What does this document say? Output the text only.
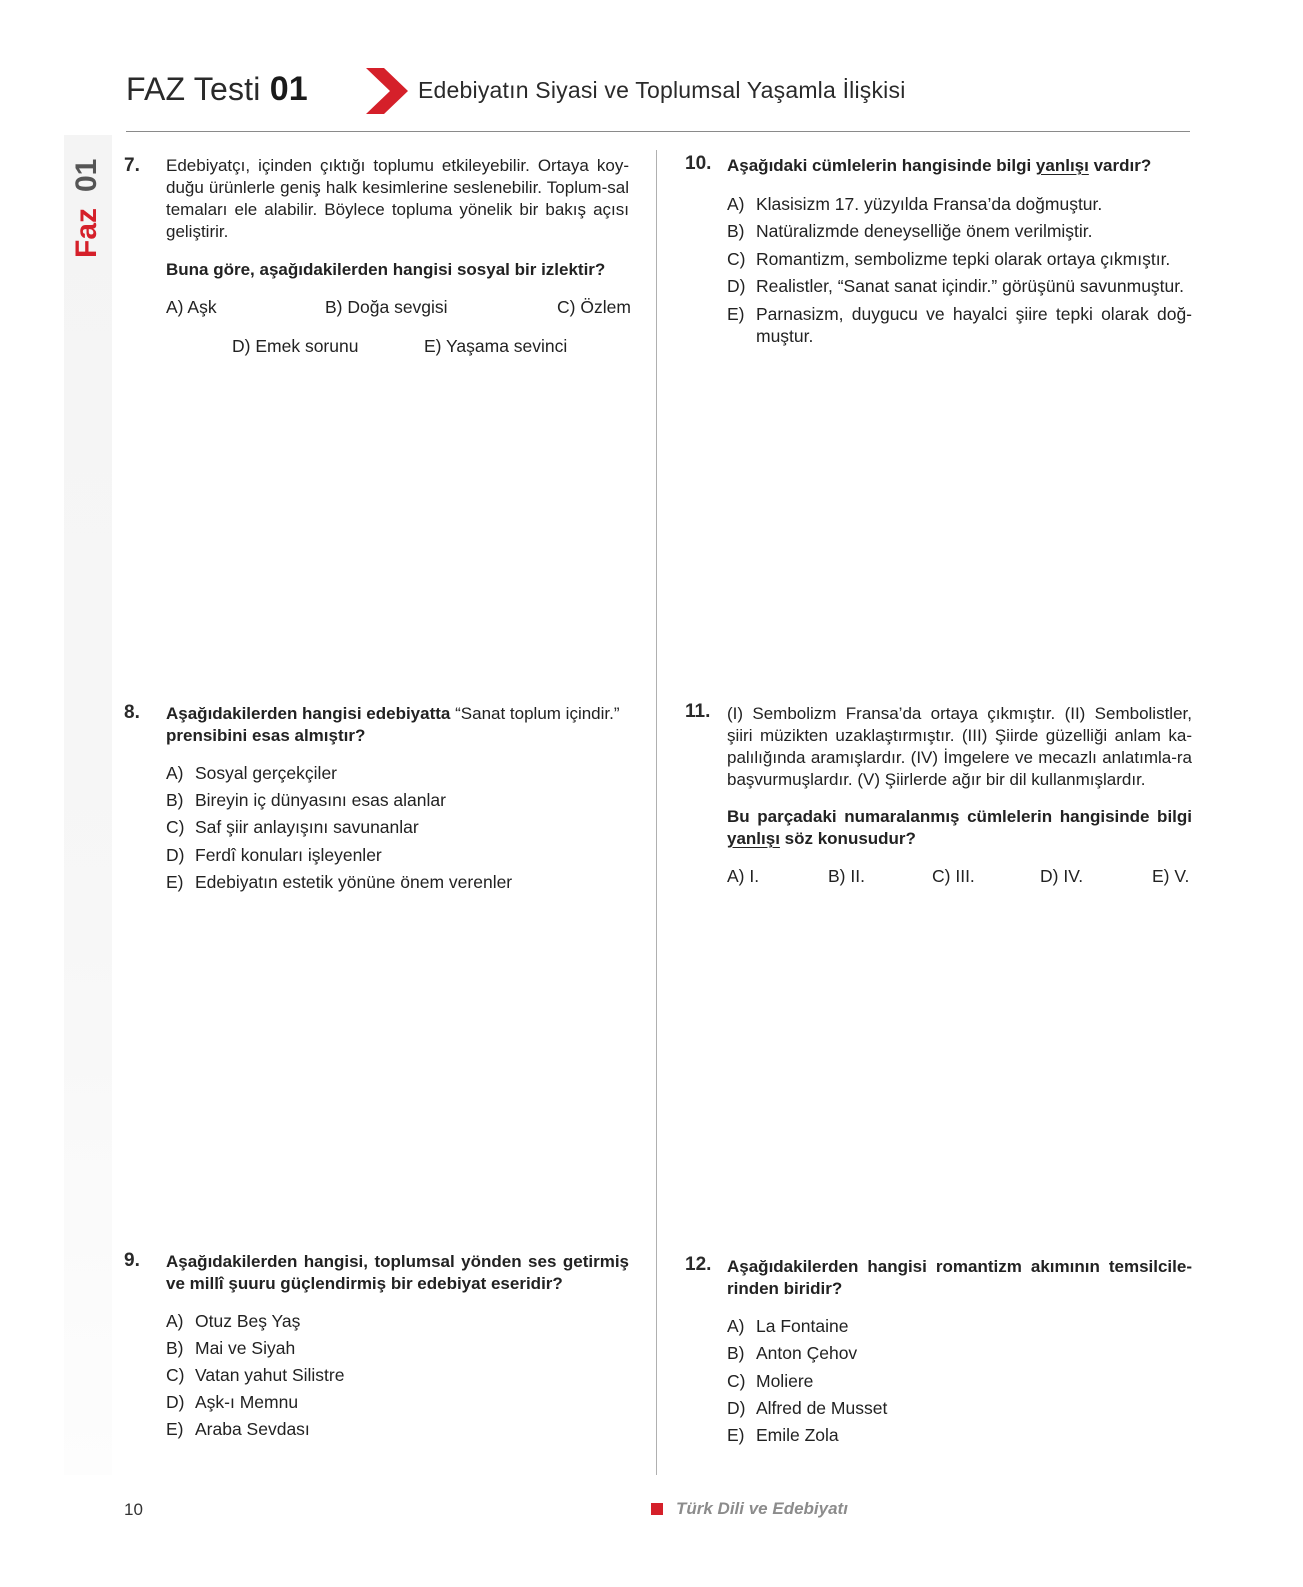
FAZ Testi 01	Edebiyatın Siyasi ve Toplumsal Yaşamla İlişkisi
Faz
01 7. Edebiyatçı, içinden çıktığı toplumu etkileyebilir. Ortaya koy-duğu ürünlerle geniş halk kesimlerine seslenebilir. Toplum-sal temaları ele alabilir. Böylece topluma yönelik bir bakış açısı geliştirir.
Buna göre, aşağıdakilerden hangisi sosyal bir izlektir?
A) Aşk	B) Doğa sevgisi	C) Özlem
D) Emek sorunu	E) Yaşama sevinci
8. Aşağıdakilerden hangisi edebiyatta “Sanat toplum içindir.” prensibini esas almıştır?
A) Sosyal gerçekçiler
B) Bireyin iç dünyasını esas alanlar
C) Saf şiir anlayışını savunanlar
D) Ferdî konuları işleyenler
E) Edebiyatın estetik yönüne önem verenler
9. Aşağıdakilerden hangisi, toplumsal yönden ses getirmiş ve millî şuuru güçlendirmiş bir edebiyat eseridir?
A) Otuz Beş Yaş
B) Mai ve Siyah
C) Vatan yahut Silistre
D) Aşk-ı Memnu
E) Araba Sevdası
10. Aşağıdaki cümlelerin hangisinde bilgi yanlışı vardır?
A) Klasisizm 17. yüzyılda Fransa’da doğmuştur.
B) Natüralizmde deneyselliğe önem verilmiştir.
C) Romantizm, sembolizme tepki olarak ortaya çıkmıştır.
D) Realistler, “Sanat sanat içindir.” görüşünü savunmuştur.
E) Parnasizm, duygucu ve hayalci şiire tepki olarak doğ-muştur.
11. (I) Sembolizm Fransa’da ortaya çıkmıştır. (II) Sembolistler, şiiri müzikten uzaklaştırmıştır. (III) Şiirde güzelliği anlam ka-palılığında aramışlardır. (IV) İmgelere ve mecazlı anlatımla-ra başvurmuşlardır. (V) Şiirlerde ağır bir dil kullanmışlardır.
Bu parçadaki numaralanmış cümlelerin hangisinde bilgi yanlışı söz konusudur?
A) I.	B) II.	C) III.	D) IV.	E) V.
12. Aşağıdakilerden hangisi romantizm akımının temsilcile-rinden biridir?
A) La Fontaine
B) Anton Çehov
C) Moliere
D) Alfred de Musset
E) Emile Zola
10	Türk Dili ve Edebiyatı
